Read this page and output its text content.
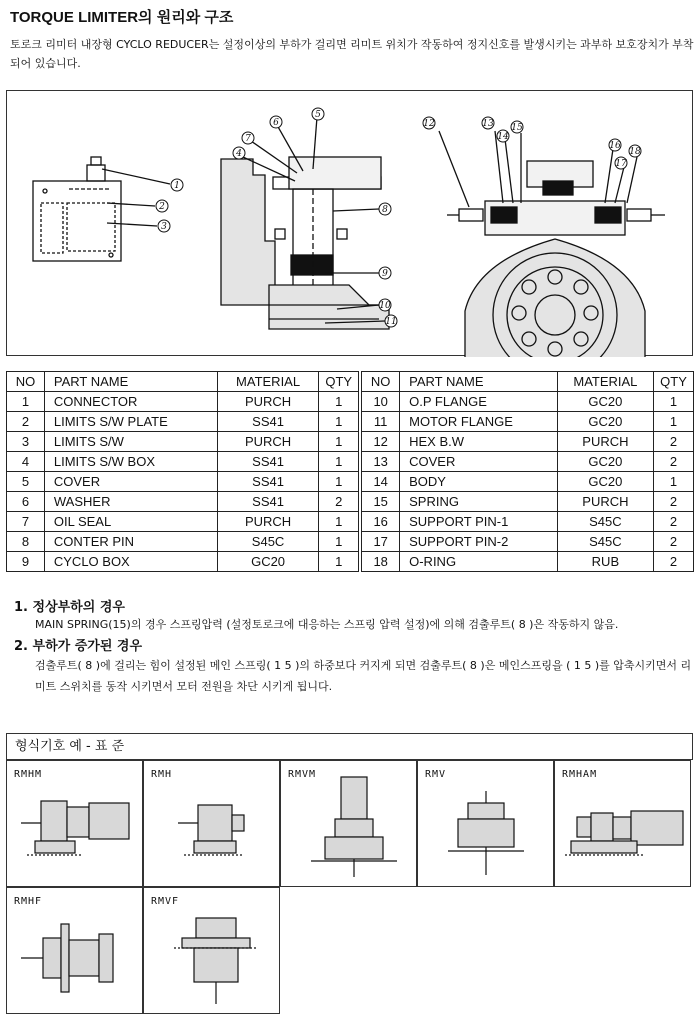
TORQUE LIMITER의 원리와 구조
토로크 리미터 내장형 CYCLO REDUCER는 설정이상의 부하가 걸리면 리미트 위치가 작동하여 정지신호를 발생시키는 과부하 보호장치가 부착 되어 있습니다.
1
2
3
4
5
6
7
8
9
10
11
12	13
14
15
16
17
18
NO	PART NAME	MATERIAL	QTY		NO	PART NAME	MATERIAL	QTY
1	CONNECTOR	PURCH	1		10	O.P FLANGE	GC20	1
2	LIMITS S/W PLATE	SS41	1		11	MOTOR FLANGE	GC20	1
3	LIMITS S/W	PURCH	1		12	HEX B.W	PURCH	2
4	LIMITS S/W BOX	SS41	1		13	COVER	GC20	2
5	COVER	SS41	1		14	BODY	GC20	1
6	WASHER	SS41	2		15	SPRING	PURCH	2
7	OIL SEAL	PURCH	1		16	SUPPORT PIN-1	S45C	2
8	CONTER PIN	S45C	1		17	SUPPORT PIN-2	S45C	2
9	CYCLO BOX	GC20	1		18	O-RING	RUB	2
1. 정상부하의 경우
MAIN SPRING(15)의 경우 스프링압력 (설정토로크에 대응하는 스프링 압력 설정)에 의해 검출루트( 8 )은 작동하지 않음.
2. 부하가 증가된 경우
검출루트( 8 )에 걸리는 힘이 설정된 메인 스프링( 1 5 )의 하중보다 커지게 되면 검출루트( 8 )은 메인스프링을 ( 1 5 )를 압축시키면서 리미트 스위치를 동작 시키면서 모터 전원을 차단 시키게 됩니다.
형식기호 예 - 표 준
RMHM	RMH	RMVM	RMV	RMHAM
RMHF	RMVF
